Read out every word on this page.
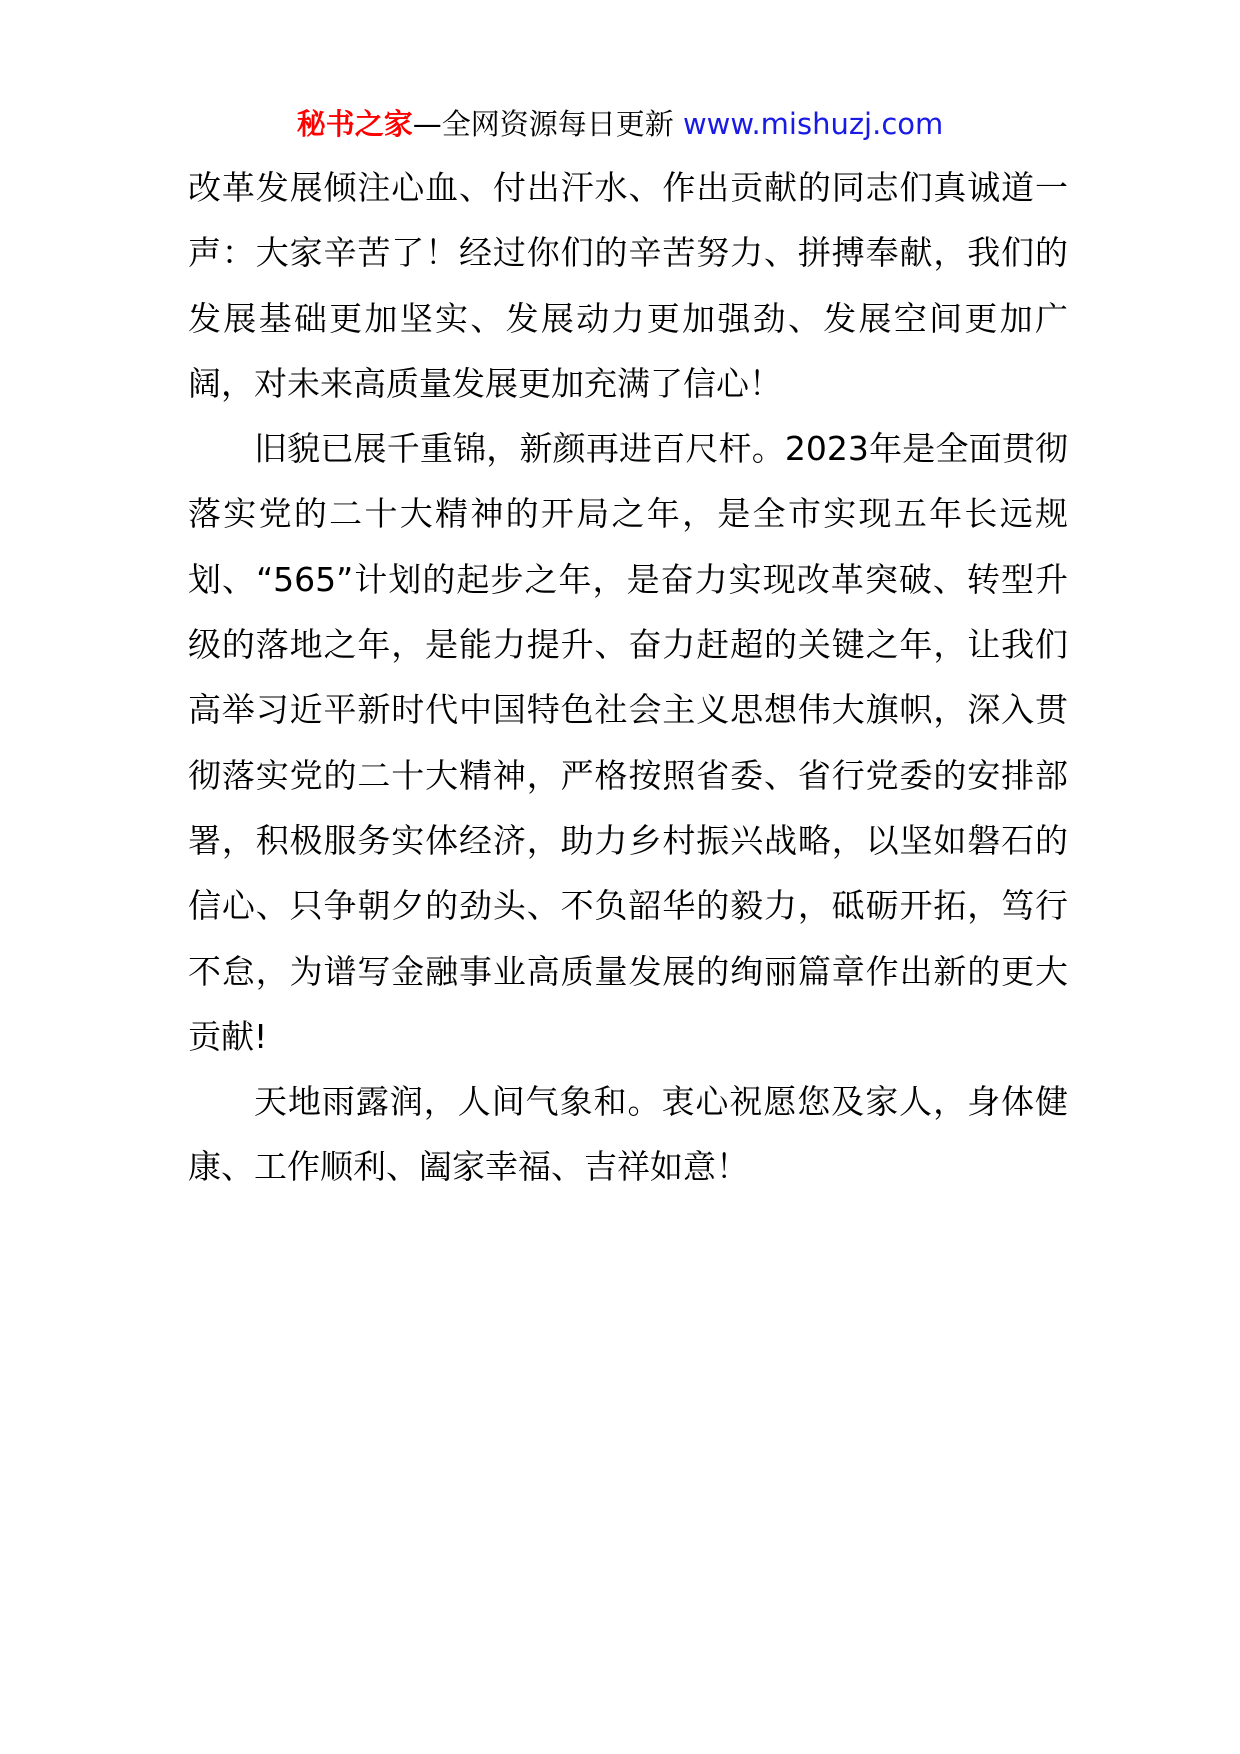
秘书之家—全网资源每日更新 www.mishuzj.com

改革发展倾注心血、付出汗水、作出贡献的同志们真诚道一声：大家辛苦了！经过你们的辛苦努力、拼搏奉献，我们的发展基础更加坚实、发展动力更加强劲、发展空间更加广阔，对未来高质量发展更加充满了信心！

旧貌已展千重锦，新颜再进百尺杆。2023年是全面贯彻落实党的二十大精神的开局之年，是全市实现五年长远规划、“565”计划的起步之年，是奋力实现改革突破、转型升级的落地之年，是能力提升、奋力赶超的关键之年，让我们高举习近平新时代中国特色社会主义思想伟大旗帜，深入贯彻落实党的二十大精神，严格按照省委、省行党委的安排部署，积极服务实体经济，助力乡村振兴战略，以坚如磐石的信心、只争朝夕的劲头、不负韶华的毅力，砥砺开拓，笃行不怠，为谱写金融事业高质量发展的绚丽篇章作出新的更大贡献!

天地雨露润，人间气象和。衷心祝愿您及家人，身体健康、工作顺利、阖家幸福、吉祥如意！
